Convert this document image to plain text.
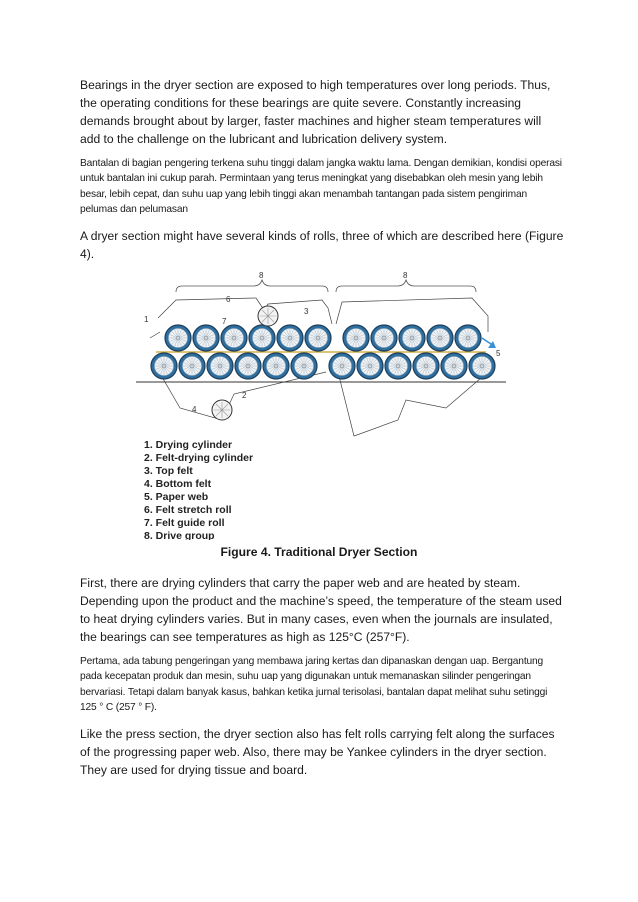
Bearings in the dryer section are exposed to high temperatures over long periods. Thus, the operating conditions for these bearings are quite severe. Constantly increasing demands brought about by larger, faster machines and higher steam temperatures will add to the challenge on the lubricant and lubrication delivery system.

Bantalan di bagian pengering terkena suhu tinggi dalam jangka waktu lama. Dengan demikian, kondisi operasi untuk bantalan ini cukup parah. Permintaan yang terus meningkat yang disebabkan oleh mesin yang lebih besar, lebih cepat, dan suhu uap yang lebih tinggi akan menambah tantangan pada sistem pengiriman pelumas dan pelumasan

A dryer section might have several kinds of rolls, three of which are described here (Figure 4).

8	8
1
2
3
4
5
6
7
1. Drying cylinder
2. Felt-drying cylinder
3. Top felt
4. Bottom felt
5. Paper web
6. Felt stretch roll
7. Felt guide roll
8. Drive group
Figure 4. Traditional Dryer Section

First, there are drying cylinders that carry the paper web and are heated by steam. Depending upon the product and the machine’s speed, the temperature of the steam used to heat drying cylinders varies. But in many cases, even when the journals are insulated, the bearings can see temperatures as high as 125°C (257°F).

Pertama, ada tabung pengeringan yang membawa jaring kertas dan dipanaskan dengan uap. Bergantung pada kecepatan produk dan mesin, suhu uap yang digunakan untuk memanaskan silinder pengeringan bervariasi. Tetapi dalam banyak kasus, bahkan ketika jurnal terisolasi, bantalan dapat melihat suhu setinggi 125 ° C (257 ° F).

Like the press section, the dryer section also has felt rolls carrying felt along the surfaces of the progressing paper web. Also, there may be Yankee cylinders in the dryer section. They are used for drying tissue and board.
